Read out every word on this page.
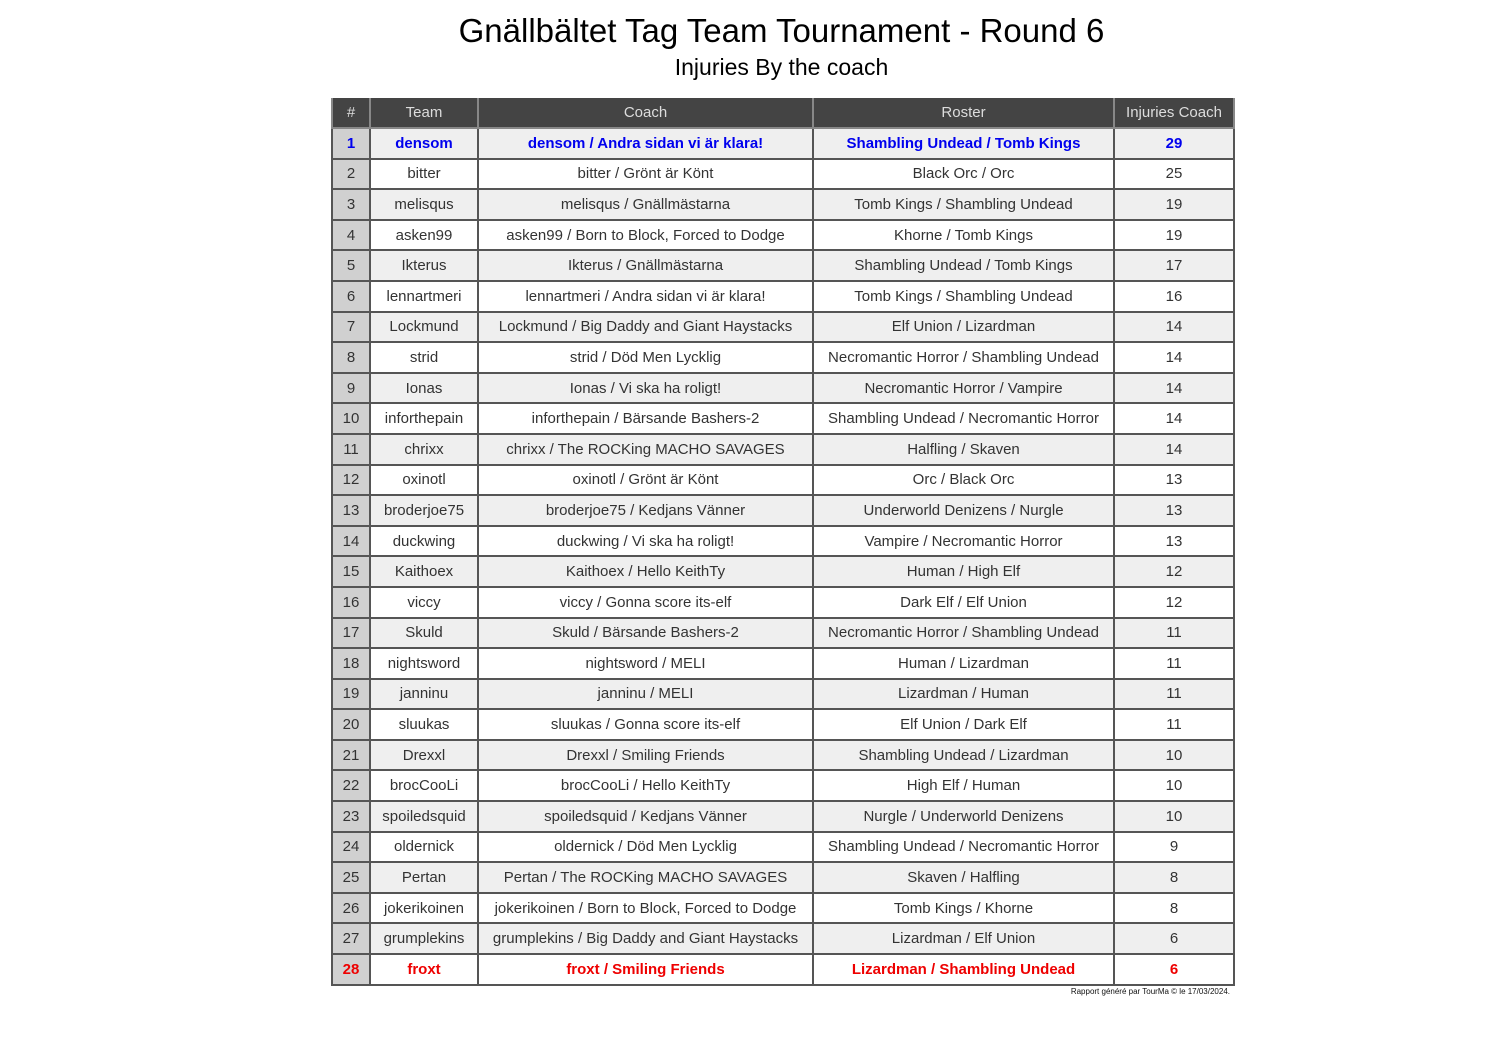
Gnällbältet Tag Team Tournament - Round 6
Injuries By the coach
#	Team	Coach	Roster	Injuries Coach
1	densom	densom / Andra sidan vi är klara!	Shambling Undead / Tomb Kings	29
2	bitter	bitter / Grönt är Könt	Black Orc / Orc	25
3	melisqus	melisqus / Gnällmästarna	Tomb Kings / Shambling Undead	19
4	asken99	asken99 / Born to Block, Forced to Dodge	Khorne / Tomb Kings	19
5	Ikterus	Ikterus / Gnällmästarna	Shambling Undead / Tomb Kings	17
6	lennartmeri	lennartmeri / Andra sidan vi är klara!	Tomb Kings / Shambling Undead	16
7	Lockmund	Lockmund / Big Daddy and Giant Haystacks	Elf Union / Lizardman	14
8	strid	strid / Död Men Lycklig	Necromantic Horror / Shambling Undead	14
9	Ionas	Ionas / Vi ska ha roligt!	Necromantic Horror / Vampire	14
10	inforthepain	inforthepain / Bärsande Bashers-2	Shambling Undead / Necromantic Horror	14
11	chrixx	chrixx / The ROCKing MACHO SAVAGES	Halfling / Skaven	14
12	oxinotl	oxinotl / Grönt är Könt	Orc / Black Orc	13
13	broderjoe75	broderjoe75 / Kedjans Vänner	Underworld Denizens / Nurgle	13
14	duckwing	duckwing / Vi ska ha roligt!	Vampire / Necromantic Horror	13
15	Kaithoex	Kaithoex / Hello KeithTy	Human / High Elf	12
16	viccy	viccy / Gonna score its-elf	Dark Elf / Elf Union	12
17	Skuld	Skuld / Bärsande Bashers-2	Necromantic Horror / Shambling Undead	11
18	nightsword	nightsword / MELI	Human / Lizardman	11
19	janninu	janninu / MELI	Lizardman / Human	11
20	sluukas	sluukas / Gonna score its-elf	Elf Union / Dark Elf	11
21	Drexxl	Drexxl / Smiling Friends	Shambling Undead / Lizardman	10
22	brocCooLi	brocCooLi / Hello KeithTy	High Elf / Human	10
23	spoiledsquid	spoiledsquid / Kedjans Vänner	Nurgle / Underworld Denizens	10
24	oldernick	oldernick / Död Men Lycklig	Shambling Undead / Necromantic Horror	9
25	Pertan	Pertan / The ROCKing MACHO SAVAGES	Skaven / Halfling	8
26	jokerikoinen	jokerikoinen / Born to Block, Forced to Dodge	Tomb Kings / Khorne	8
27	grumplekins	grumplekins / Big Daddy and Giant Haystacks	Lizardman / Elf Union	6
28	froxt	froxt / Smiling Friends	Lizardman / Shambling Undead	6
Rapport généré par TourMa © le 17/03/2024.
